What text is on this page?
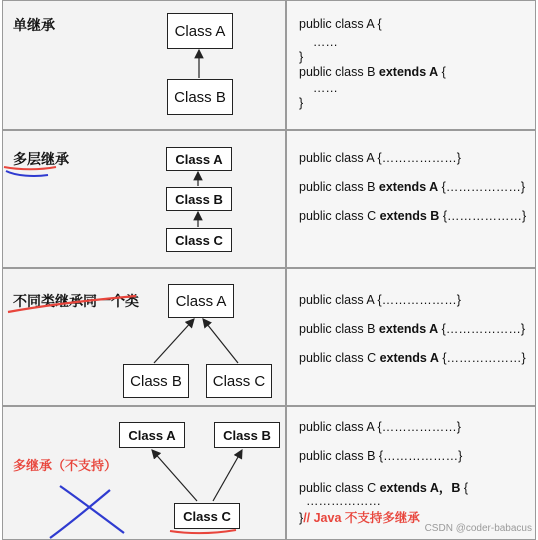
单继承	Class A
Class B
public class A {
……
}
public class B extends A {
……
}
多层继承	Class A
Class B
Class C
public class A {………………}
public class B extends A {………………}
public class C extends B {………………}
不同类继承同一个类	Class A
Class B	Class C
public class A {………………}
public class B extends A {………………}
public class C extends A {………………}
多继承（不支持）
Class A	Class B
Class C
public class A {………………}
public class B {………………}
public class C extends A，B {
………………
}// Java 不支持多继承
CSDN @coder-babacus
